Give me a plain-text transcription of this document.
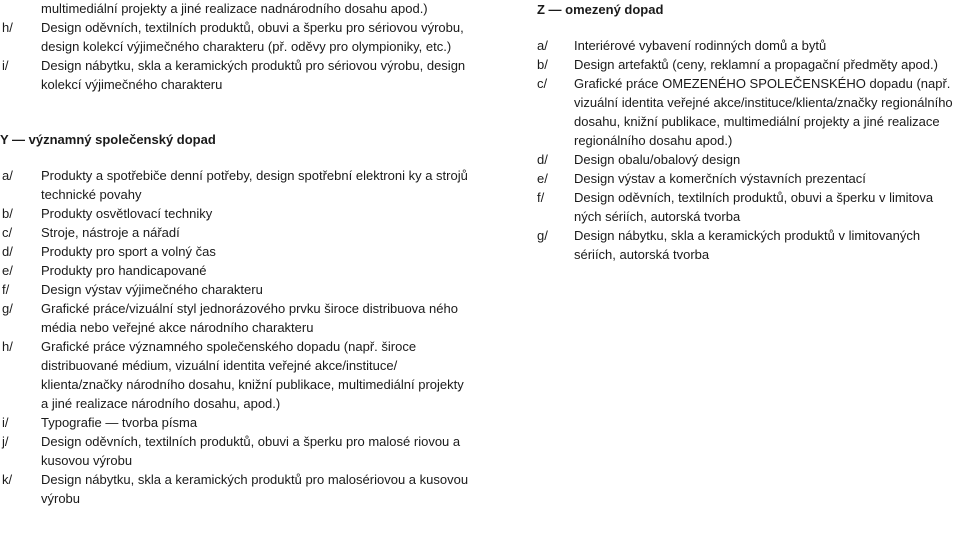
multimediální projekty a jiné realizace nadnárodního dosahu apod.)
h/	Design oděvních, textilních produktů, obuvi a šperku pro sériovou výrobu, design kolekcí výjimečného charakteru (př. oděvy pro olympioniky, etc.)
i/	Design nábytku, skla a keramických produktů pro sériovou výrobu, design kolekcí výjimečného charakteru
Y — významný společenský dopad
a/	Produkty a spotřebiče denní potřeby, design spotřební elektroni ky a strojů technické povahy
b/	Produkty osvětlovací techniky
c/	Stroje, nástroje a nářadí
d/	Produkty pro sport a volný čas
e/	Produkty pro handicapované
f/	Design výstav výjimečného charakteru
g/	Grafické práce/vizuální styl jednorázového prvku široce distribuova ného média nebo veřejné akce národního charakteru
h/	Grafické práce významného společenského dopadu (např. široce distribuované médium, vizuální identita veřejné akce/instituce/ klienta/značky národního dosahu, knižní publikace, multimediální projekty a jiné realizace národního dosahu, apod.)
i/	Typografie — tvorba písma
j/	Design oděvních, textilních produktů, obuvi a šperku pro malosé riovou a kusovou výrobu
k/	Design nábytku, skla a keramických produktů pro malosériovou a kusovou výrobu
Z — omezený dopad
a/	Interiérové vybavení rodinných domů a bytů
b/	Design artefaktů (ceny, reklamní a propagační předměty apod.)
c/	Grafické práce OMEZENÉHO SPOLEČENSKÉHO dopadu (např. vizuální identita veřejné akce/instituce/klienta/značky regionálního dosahu, knižní publikace, multimediální projekty a jiné realizace regionálního dosahu apod.)
d/	Design obalu/obalový design
e/	Design výstav a komerčních výstavních prezentací
f/	Design oděvních, textilních produktů, obuvi a šperku v limitova ných sériích, autorská tvorba
g/	Design nábytku, skla a keramických produktů v limitovaných sériích, autorská tvorba
